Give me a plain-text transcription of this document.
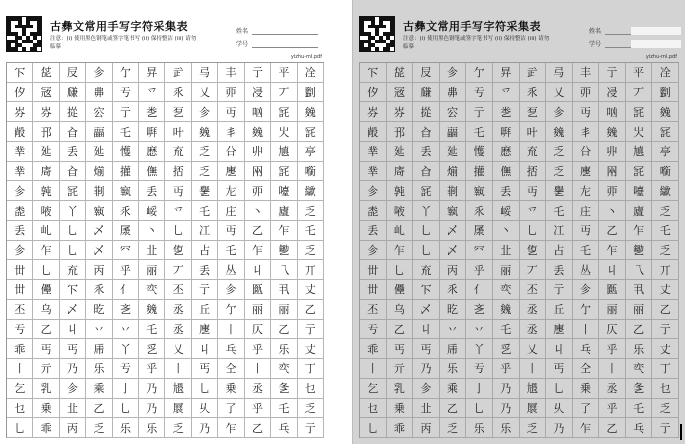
古彝文常用手写字符采集表
注意：(i) 使用黑色钢笔或签字笔书写 (ii) 保持整洁 (iii) 请勿临摹
姓名
学号
yizhu-ml.pdf
㓀	㖚	㞋	㐱	亇	㫒	㱐	㢧	丰	亍	平	㓌
㐴	㓂	㼓	丳	亐	乊	乑	乂	丣	㓎	丆	㔋
㞣	㞣	㧿	㝐	亍	㐘	乭	㐱	丏	㕳	㓃	㕙
㲂	邘	㒲	㽬	乇	㗑	叶	㕙	丯	㕙	㞤	㓃
丵	㢟	丢	㢟	㦜	㦄	㐬	乏	㕣	丱	㐤	亭
丵	㢊	㒲	㷙	㩲	㒇	㧵	乏	㐣	㒳	㓃	㘅
㐱	㝄	㓃	㔈	㝪	丢	丏	㐦	㔫	丣	㘆	㱍
㖝	㖡	丫	㝪	乑	㟎	乊	乇	庄	丶	㢒	乏
丢	乢	乚	乄	㞙	丶	乚	冮	丏	乙	乍	乇
㐱	乍	乚	乄	㓁	㐀	㐛	占	乇	乍	㐥	乏
丗	乚	㐬	丙	乎	丽	丆	丢	丛	丩	乁	丌
丗	㒦	㓀	乑	亻	亪	丕	亍	㐱	㔲	丮	丈
丕	乌	乄	㫓	㐎	㕙	丞	丘	亇	丽	丽	乙
亐	乙	丩	丷	丷	乇	丞	㐣	丨	仄	乙	亍
乖	丐	丐	乕	丫	㐍	乂	丩	乓	乎	乐	丈
丨	亓	乃	乐	亐	乎	丨	丐	仝	丨	亪	丁
乞	乳	㐱	乘	亅	乃	㞇	乚	乗	丞	㐑	乜
乜	乗	㐀	乙	乚	乃	㞡	乆	了	乎	乇	乏
乚	乖	丙	乏	乐	乐	乏	乃	乍	乙	乓	亍
古彝文常用手写字符采集表
注意：(i) 使用黑色钢笔或签字笔书写 (ii) 保持整洁 (iii) 请勿临摹
姓名
学号
yizhu-ml.pdf
㓀	㖚	㞋	㐱	亇	㫒	㱐	㢧	丰	亍	平	㓌
㐴	㓂	㼓	丳	亐	乊	乑	乂	丣	㓎	丆	㔋
㞣	㞣	㧿	㝐	亍	㐘	乭	㐱	丏	㕳	㓃	㕙
㲂	邘	㒲	㽬	乇	㗑	叶	㕙	丯	㕙	㞤	㓃
丵	㢟	丢	㢟	㦜	㦄	㐬	乏	㕣	丱	㐤	亭
丵	㢊	㒲	㷙	㩲	㒇	㧵	乏	㐣	㒳	㓃	㘅
㐱	㝄	㓃	㔈	㝪	丢	丏	㐦	㔫	丣	㘆	㱍
㖝	㖡	丫	㝪	乑	㟎	乊	乇	庄	丶	㢒	乏
丢	乢	乚	乄	㞙	丶	乚	冮	丏	乙	乍	乇
㐱	乍	乚	乄	㓁	㐀	㐛	占	乇	乍	㐥	乏
丗	乚	㐬	丙	乎	丽	丆	丢	丛	丩	乁	丌
丗	㒦	㓀	乑	亻	亪	丕	亍	㐱	㔲	丮	丈
丕	乌	乄	㫓	㐎	㕙	丞	丘	亇	丽	丽	乙
亐	乙	丩	丷	丷	乇	丞	㐣	丨	仄	乙	亍
乖	丐	丐	乕	丫	㐍	乂	丩	乓	乎	乐	丈
丨	亓	乃	乐	亐	乎	丨	丐	仝	丨	亪	丁
乞	乳	㐱	乘	亅	乃	㞇	乚	乗	丞	㐑	乜
乜	乗	㐀	乙	乚	乃	㞡	乆	了	乎	乇	乏
乚	乖	丙	乏	乐	乐	乏	乃	乍	乙	乓	亍
